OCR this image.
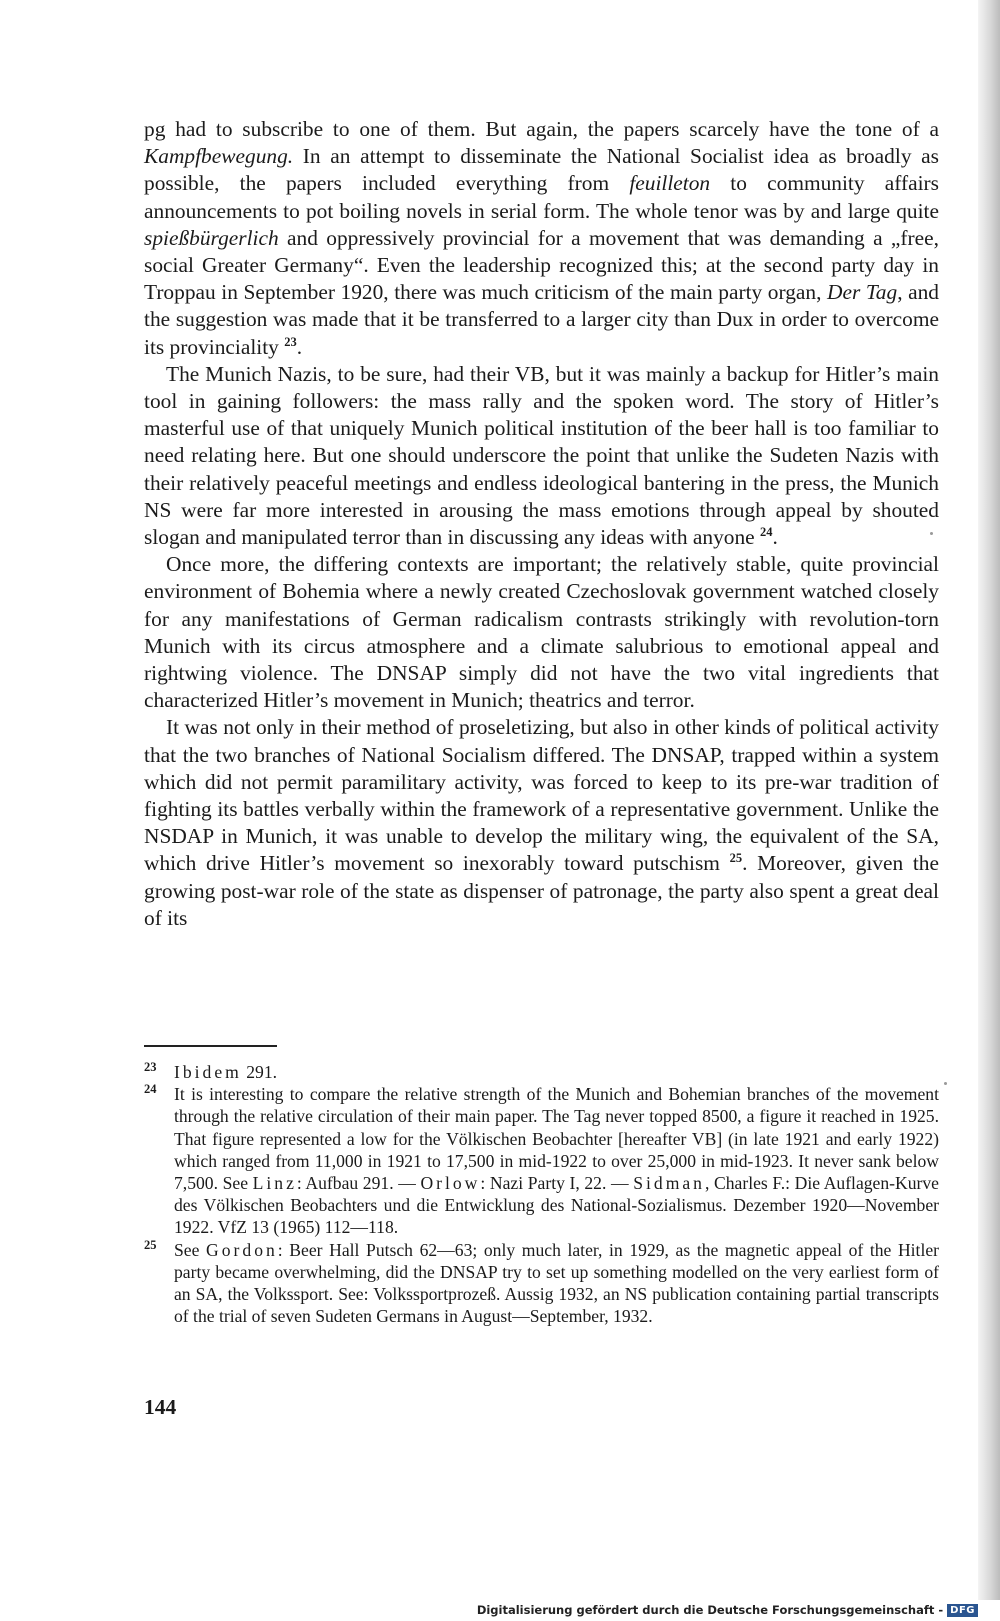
pg had to subscribe to one of them. But again, the papers scarcely have the tone of a Kampfbewegung. In an attempt to disseminate the National Socialist idea as broadly as possible, the papers included everything from feuilleton to community affairs announcements to pot boiling novels in serial form. The whole tenor was by and large quite spießbürgerlich and oppressively provincial for a movement that was demanding a „free, social Greater Germany“. Even the leadership recognized this; at the second party day in Troppau in September 1920, there was much criticism of the main party organ, Der Tag, and the suggestion was made that it be transferred to a larger city than Dux in order to overcome its provinciality $^{23}$.

The Munich Nazis, to be sure, had their VB, but it was mainly a backup for Hitler’s main tool in gaining followers: the mass rally and the spoken word. The story of Hitler’s masterful use of that uniquely Munich political institution of the beer hall is too familiar to need relating here. But one should underscore the point that unlike the Sudeten Nazis with their relatively peaceful meetings and endless ideological bantering in the press, the Munich NS were far more interested in arousing the mass emotions through appeal by shouted slogan and manipulated terror than in discussing any ideas with anyone $^{24}$.

Once more, the differing contexts are important; the relatively stable, quite provincial environment of Bohemia where a newly created Czechoslovak government watched closely for any manifestations of German radicalism contrasts strikingly with revolution-torn Munich with its circus atmosphere and a climate salubrious to emotional appeal and rightwing violence. The DNSAP simply did not have the two vital ingredients that characterized Hitler’s movement in Munich; theatrics and terror.

It was not only in their method of proseletizing, but also in other kinds of political activity that the two branches of National Socialism differed. The DNSAP, trapped within a system which did not permit paramilitary activity, was forced to keep to its pre-war tradition of fighting its battles verbally within the framework of a representative government. Unlike the NSDAP in Munich, it was unable to develop the military wing, the equivalent of the SA, which drive Hitler’s movement so inexorably toward putschism $^{25}$. Moreover, given the growing post-war role of the state as dispenser of patronage, the party also spent a great deal of its

23 Ibidem 291.

24 It is interesting to compare the relative strength of the Munich and Bohemian branches of the movement through the relative circulation of their main paper. The Tag never topped 8500, a figure it reached in 1925. That figure represented a low for the Völkischen Beobachter [hereafter VB] (in late 1921 and early 1922) which ranged from 11,000 in 1921 to 17,500 in mid-1922 to over 25,000 in mid-1923. It never sank below 7,500. See Linz: Aufbau 291. — Orlow: Nazi Party I, 22. — Sidman, Charles F.: Die Auflagen-Kurve des Völkischen Beobachters und die Entwicklung des National-Sozialismus. Dezember 1920—November 1922. VfZ 13 (1965) 112—118.

25 See Gordon: Beer Hall Putsch 62—63; only much later, in 1929, as the magnetic appeal of the Hitler party became overwhelming, did the DNSAP try to set up something modelled on the very earliest form of an SA, the Volkssport. See: Volkssportprozeß. Aussig 1932, an NS publication containing partial transcripts of the trial of seven Sudeten Germans in August—September, 1932.

144
Digitalisierung gefördert durch die Deutsche Forschungsgemeinschaft - DFG
